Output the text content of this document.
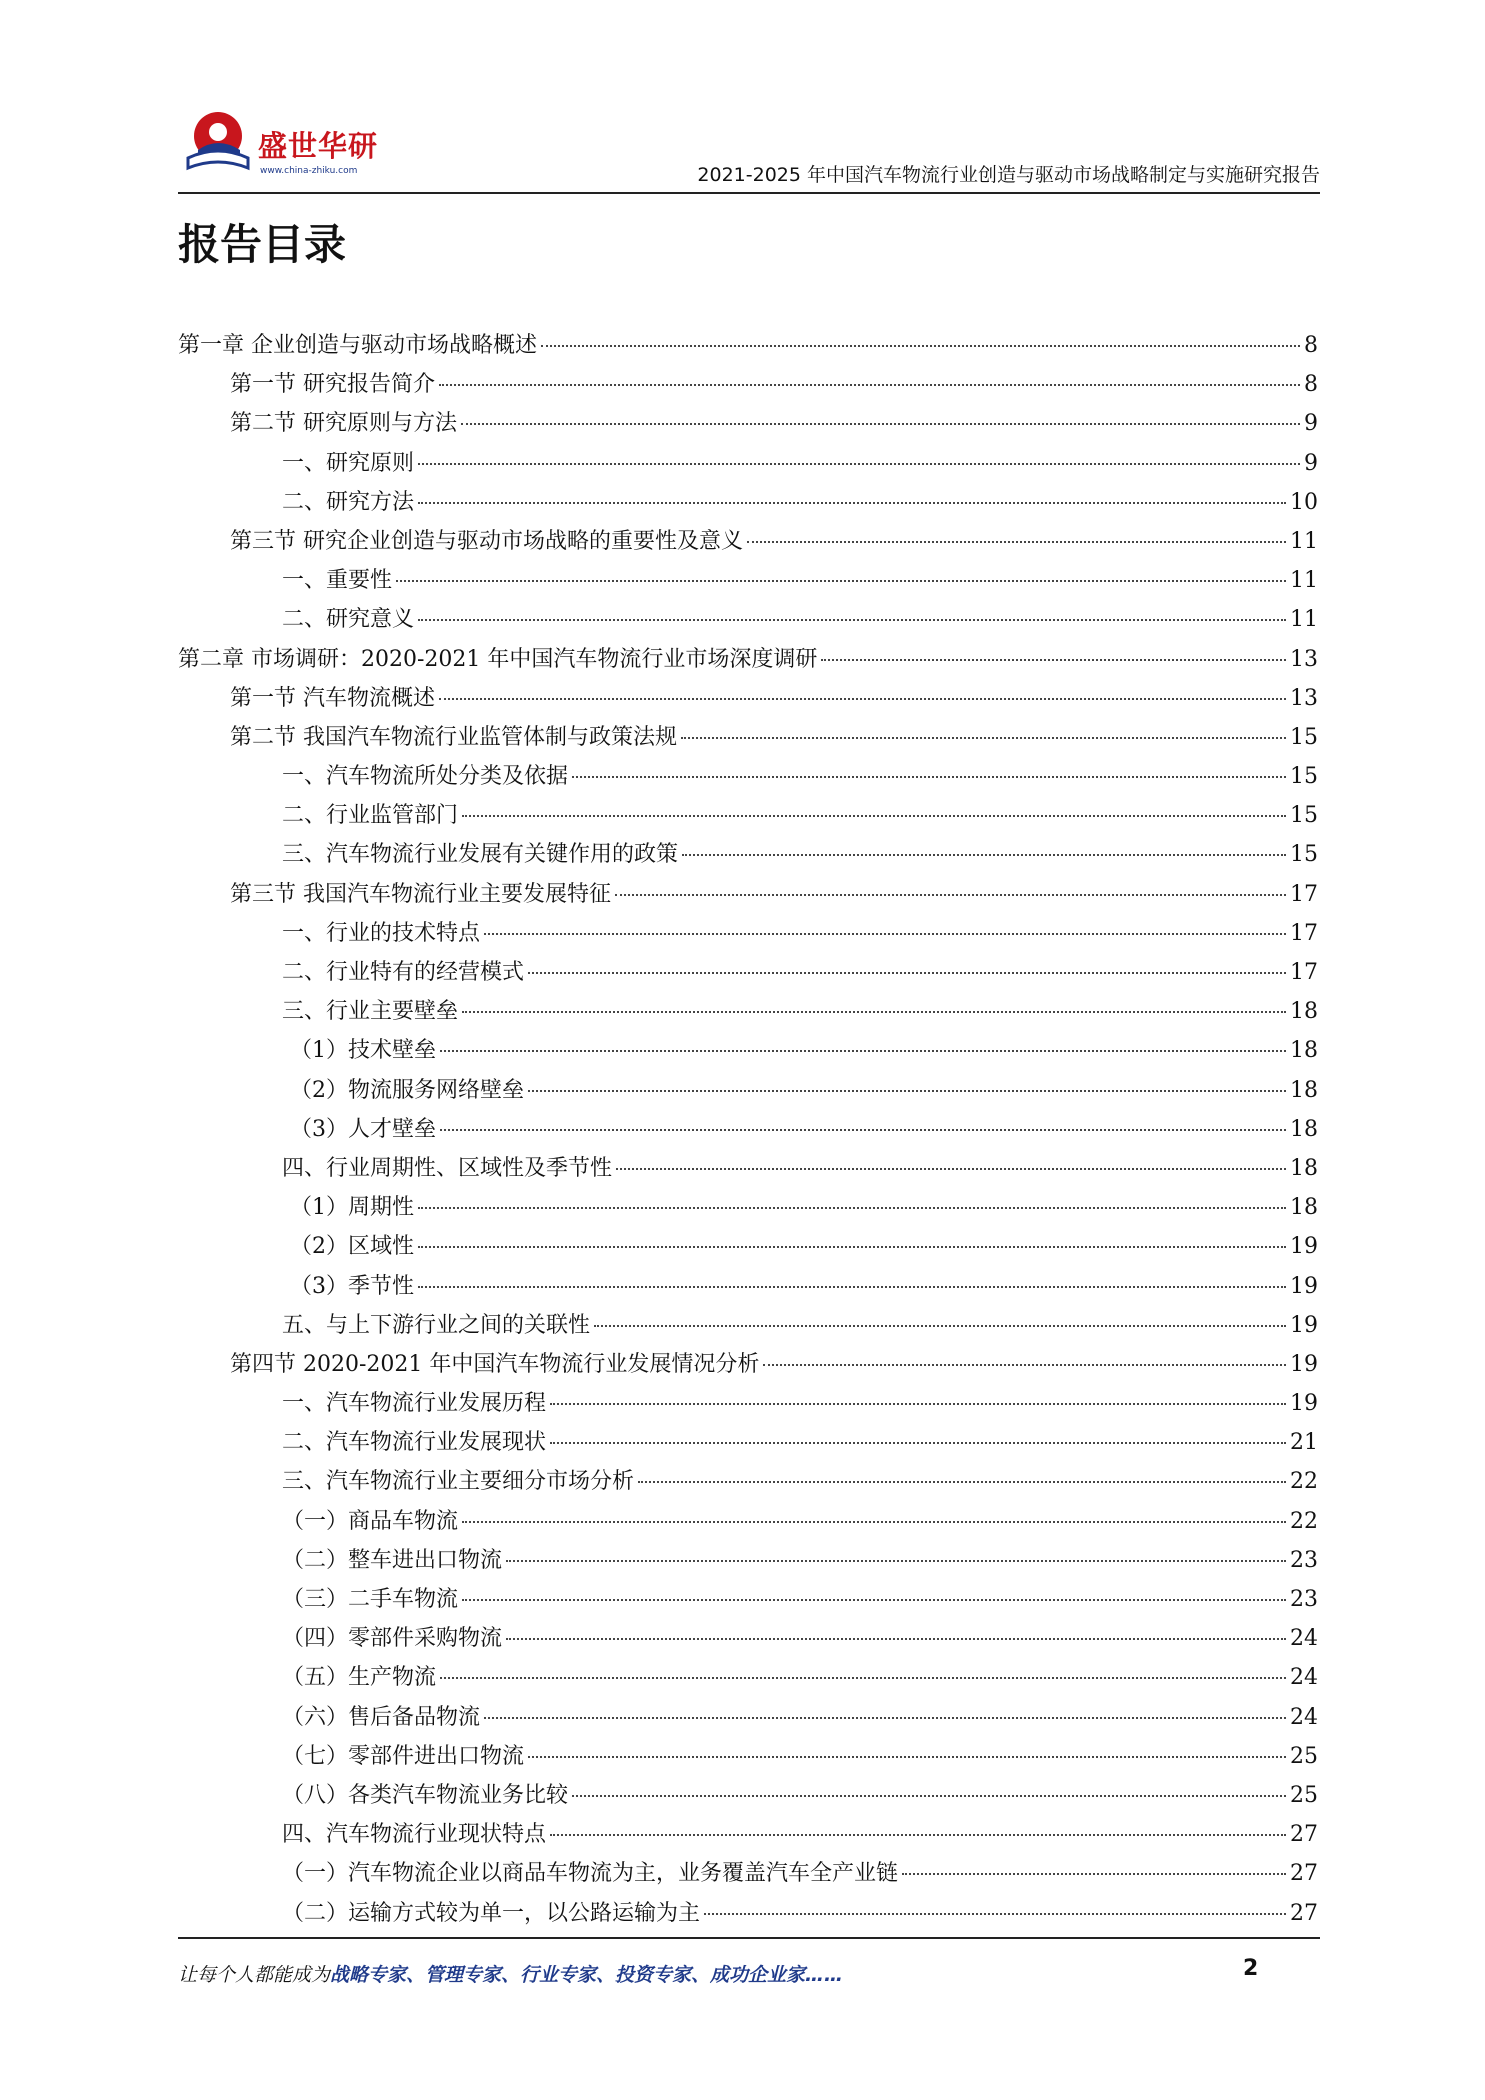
盛世华研
www.china-zhiku.com	2021-2025 年中国汽车物流行业创造与驱动市场战略制定与实施研究报告
报告目录
第一章 企业创造与驱动市场战略概述	8
第一节 研究报告简介	8
第二节 研究原则与方法	9
一、研究原则	9
二、研究方法	10
第三节 研究企业创造与驱动市场战略的重要性及意义	11
一、重要性	11
二、研究意义	11
第二章 市场调研：2020-2021 年中国汽车物流行业市场深度调研	13
第一节 汽车物流概述	13
第二节 我国汽车物流行业监管体制与政策法规	15
一、汽车物流所处分类及依据	15
二、行业监管部门	15
三、汽车物流行业发展有关键作用的政策	15
第三节 我国汽车物流行业主要发展特征	17
一、行业的技术特点	17
二、行业特有的经营模式	17
三、行业主要壁垒	18
（1）技术壁垒	18
（2）物流服务网络壁垒	18
（3）人才壁垒	18
四、行业周期性、区域性及季节性	18
（1）周期性	18
（2）区域性	19
（3）季节性	19
五、与上下游行业之间的关联性	19
第四节 2020-2021 年中国汽车物流行业发展情况分析	19
一、汽车物流行业发展历程	19
二、汽车物流行业发展现状	21
三、汽车物流行业主要细分市场分析	22
（一）商品车物流	22
（二）整车进出口物流	23
（三）二手车物流	23
（四）零部件采购物流	24
（五）生产物流	24
（六）售后备品物流	24
（七）零部件进出口物流	25
（八）各类汽车物流业务比较	25
四、汽车物流行业现状特点	27
（一）汽车物流企业以商品车物流为主，业务覆盖汽车全产业链	27
（二）运输方式较为单一，以公路运输为主	27
让每个人都能成为战略专家、管理专家、行业专家、投资专家、成功企业家……	2
